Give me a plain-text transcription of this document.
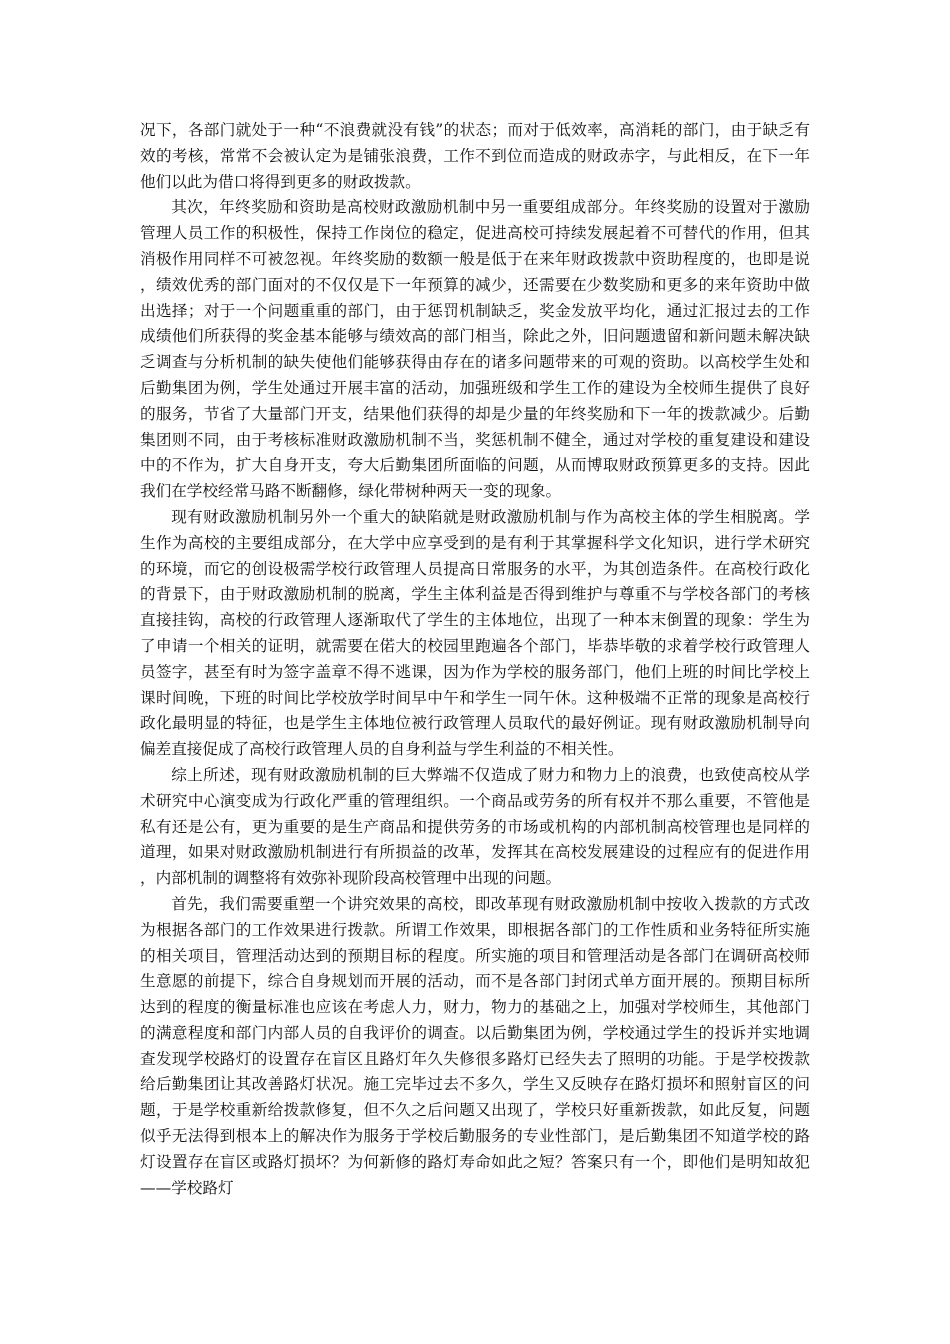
况下，各部门就处于一种“不浪费就没有钱”的状态；而对于低效率，高消耗的部门，由于缺乏有效的考核，常常不会被认定为是铺张浪费，工作不到位而造成的财政赤字，与此相反，在下一年他们以此为借口将得到更多的财政拨款。

其次，年终奖励和资助是高校财政激励机制中另一重要组成部分。年终奖励的设置对于激励管理人员工作的积极性，保持工作岗位的稳定，促进高校可持续发展起着不可替代的作用，但其消极作用同样不可被忽视。年终奖励的数额一般是低于在来年财政拨款中资助程度的，也即是说，绩效优秀的部门面对的不仅仅是下一年预算的减少，还需要在少数奖励和更多的来年资助中做出选择；对于一个问题重重的部门，由于惩罚机制缺乏，奖金发放平均化，通过汇报过去的工作成绩他们所获得的奖金基本能够与绩效高的部门相当，除此之外，旧问题遗留和新问题未解决缺乏调查与分析机制的缺失使他们能够获得由存在的诸多问题带来的可观的资助。以高校学生处和后勤集团为例，学生处通过开展丰富的活动，加强班级和学生工作的建设为全校师生提供了良好的服务，节省了大量部门开支，结果他们获得的却是少量的年终奖励和下一年的拨款减少。后勤集团则不同，由于考核标准财政激励机制不当，奖惩机制不健全，通过对学校的重复建设和建设中的不作为，扩大自身开支，夸大后勤集团所面临的问题，从而博取财政预算更多的支持。因此我们在学校经常马路不断翻修，绿化带树种两天一变的现象。

现有财政激励机制另外一个重大的缺陷就是财政激励机制与作为高校主体的学生相脱离。学生作为高校的主要组成部分，在大学中应享受到的是有利于其掌握科学文化知识，进行学术研究的环境，而它的创设极需学校行政管理人员提高日常服务的水平，为其创造条件。在高校行政化的背景下，由于财政激励机制的脱离，学生主体利益是否得到维护与尊重不与学校各部门的考核直接挂钩，高校的行政管理人逐渐取代了学生的主体地位，出现了一种本末倒置的现象：学生为了申请一个相关的证明，就需要在偌大的校园里跑遍各个部门，毕恭毕敬的求着学校行政管理人员签字，甚至有时为签字盖章不得不逃课，因为作为学校的服务部门，他们上班的时间比学校上课时间晚，下班的时间比学校放学时间早中午和学生一同午休。这种极端不正常的现象是高校行政化最明显的特征，也是学生主体地位被行政管理人员取代的最好例证。现有财政激励机制导向偏差直接促成了高校行政管理人员的自身利益与学生利益的不相关性。

综上所述，现有财政激励机制的巨大弊端不仅造成了财力和物力上的浪费，也致使高校从学术研究中心演变成为行政化严重的管理组织。一个商品或劳务的所有权并不那么重要，不管他是私有还是公有，更为重要的是生产商品和提供劳务的市场或机构的内部机制高校管理也是同样的道理，如果对财政激励机制进行有所损益的改革，发挥其在高校发展建设的过程应有的促进作用，内部机制的调整将有效弥补现阶段高校管理中出现的问题。

首先，我们需要重塑一个讲究效果的高校，即改革现有财政激励机制中按收入拨款的方式改为根据各部门的工作效果进行拨款。所谓工作效果，即根据各部门的工作性质和业务特征所实施的相关项目，管理活动达到的预期目标的程度。所实施的项目和管理活动是各部门在调研高校师生意愿的前提下，综合自身规划而开展的活动，而不是各部门封闭式单方面开展的。预期目标所达到的程度的衡量标准也应该在考虑人力，财力，物力的基础之上，加强对学校师生，其他部门的满意程度和部门内部人员的自我评价的调查。以后勤集团为例，学校通过学生的投诉并实地调查发现学校路灯的设置存在盲区且路灯年久失修很多路灯已经失去了照明的功能。于是学校拨款给后勤集团让其改善路灯状况。施工完毕过去不多久，学生又反映存在路灯损坏和照射盲区的问题，于是学校重新给拨款修复，但不久之后问题又出现了，学校只好重新拨款，如此反复，问题似乎无法得到根本上的解决作为服务于学校后勤服务的专业性部门，是后勤集团不知道学校的路灯设置存在盲区或路灯损坏？为何新修的路灯寿命如此之短？答案只有一个，即他们是明知故犯——学校路灯
